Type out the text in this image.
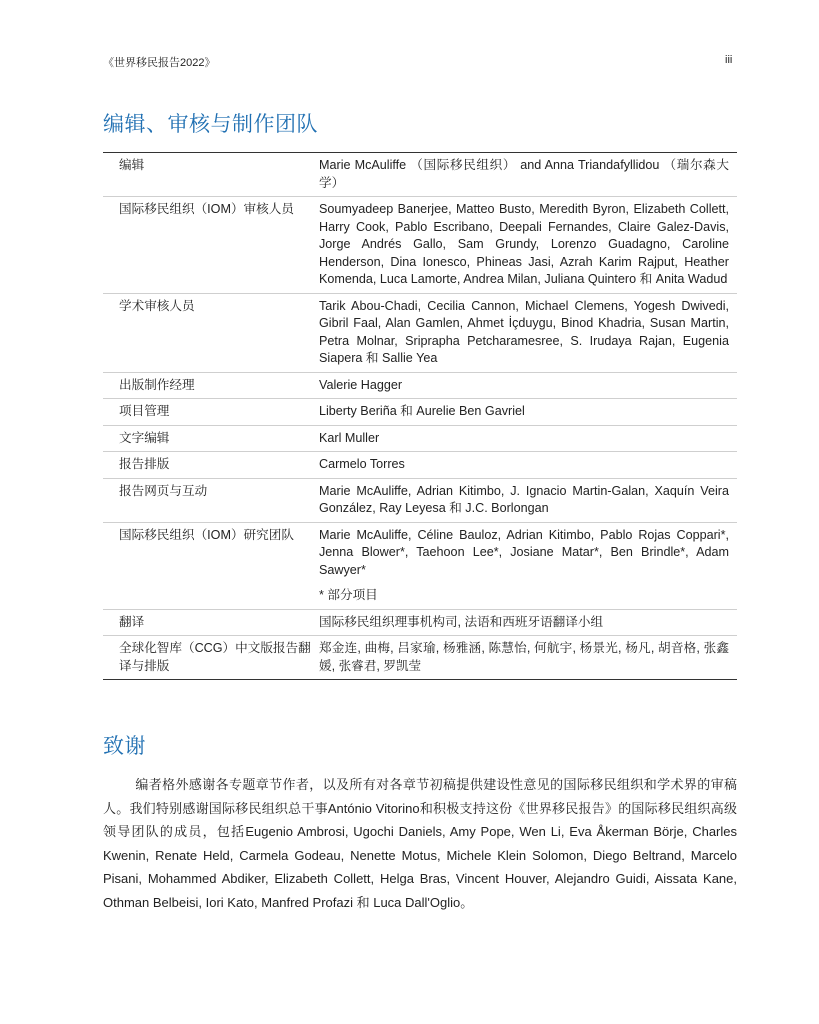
《世界移民报告2022》	iii
编辑、审核与制作团队
编辑	Marie McAuliffe （国际移民组织） and Anna Triandafyllidou （瑞尔森大学）

国际移民组织（IOM）审核人员	Soumyadeep Banerjee, Matteo Busto, Meredith Byron, Elizabeth Collett, Harry Cook, Pablo Escribano, Deepali Fernandes, Claire Galez-Davis, Jorge Andrés Gallo, Sam Grundy, Lorenzo Guadagno, Caroline Henderson, Dina Ionesco, Phineas Jasi, Azrah Karim Rajput, Heather Komenda, Luca Lamorte, Andrea Milan, Juliana Quintero 和 Anita Wadud

学术审核人员	Tarik Abou-Chadi, Cecilia Cannon, Michael Clemens, Yogesh Dwivedi, Gibril Faal, Alan Gamlen, Ahmet İçduygu, Binod Khadria, Susan Martin, Petra Molnar, Sriprapha Petcharamesree, S. Irudaya Rajan, Eugenia Siapera 和 Sallie Yea

出版制作经理	Valerie Hagger

项目管理	Liberty Beriña 和 Aurelie Ben Gavriel

文字编辑	Karl Muller

报告排版	Carmelo Torres

报告网页与互动	Marie McAuliffe, Adrian Kitimbo, J. Ignacio Martin-Galan, Xaquín Veira González, Ray Leyesa 和 J.C. Borlongan

国际移民组织（IOM）研究团队	Marie McAuliffe, Céline Bauloz, Adrian Kitimbo, Pablo Rojas Coppari*, Jenna Blower*, Taehoon Lee*, Josiane Matar*, Ben Brindle*, Adam Sawyer*
* 部分项目

翻译	国际移民组织理事机构司, 法语和西班牙语翻译小组

全球化智库（CCG）中文版报告翻译与排版	郑金连, 曲梅, 吕家瑜, 杨雅涵, 陈慧怡, 何航宇, 杨景光, 杨凡, 胡音格, 张鑫媛, 张睿君, 罗凯莹
致谢

编者格外感谢各专题章节作者，以及所有对各章节初稿提供建设性意见的国际移民组织和学术界的审稿人。我们特别感谢国际移民组织总干事António Vitorino和积极支持这份《世界移民报告》的国际移民组织高级领导团队的成员，包括Eugenio Ambrosi, Ugochi Daniels, Amy Pope, Wen Li, Eva Åkerman Börje, Charles Kwenin, Renate Held, Carmela Godeau, Nenette Motus, Michele Klein Solomon, Diego Beltrand, Marcelo Pisani, Mohammed Abdiker, Elizabeth Collett, Helga Bras, Vincent Houver, Alejandro Guidi, Aissata Kane, Othman Belbeisi, Iori Kato, Manfred Profazi 和 Luca Dall'Oglio。
